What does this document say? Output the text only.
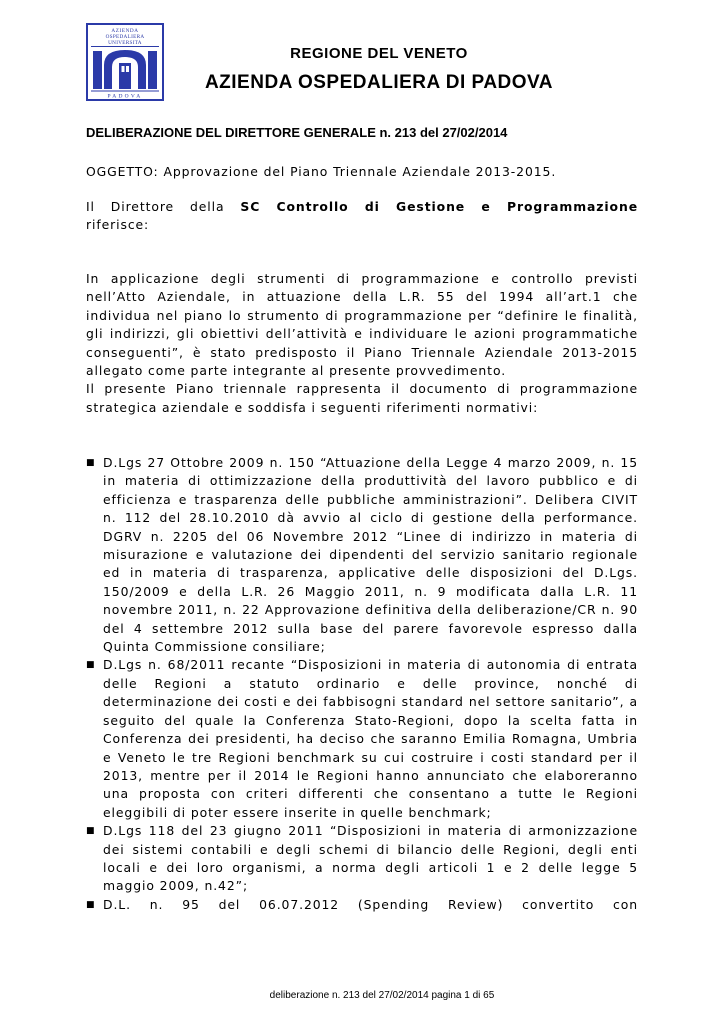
AZIENDA
OSPEDALIERA
UNIVERSITA
PADOVA
REGIONE DEL VENETO
AZIENDA OSPEDALIERA DI PADOVA
DELIBERAZIONE DEL DIRETTORE GENERALE n. 213 del 27/02/2014
OGGETTO: Approvazione del Piano Triennale Aziendale 2013-2015.
Il Direttore della SC Controllo di Gestione e Programmazione
riferisce:
In applicazione degli strumenti di programmazione e controllo previsti nell’Atto Aziendale, in attuazione della L.R. 55 del 1994 all’art.1 che individua nel piano lo strumento di programmazione per “definire le finalità, gli indirizzi, gli obiettivi dell’attività e individuare le azioni programmatiche conseguenti”, è stato predisposto il Piano Triennale Aziendale 2013-2015 allegato come parte integrante al presente provvedimento.
Il presente Piano triennale rappresenta il documento di programmazione strategica aziendale e soddisfa i seguenti riferimenti normativi:
■ D.Lgs 27 Ottobre 2009 n. 150 “Attuazione della Legge 4 marzo 2009, n. 15 in materia di ottimizzazione della produttività del lavoro pubblico e di efficienza e trasparenza delle pubbliche amministrazioni”. Delibera CIVIT n. 112 del 28.10.2010 dà avvio al ciclo di gestione della performance. DGRV n. 2205 del 06 Novembre 2012 “Linee di indirizzo in materia di misurazione e valutazione dei dipendenti del servizio sanitario regionale ed in materia di trasparenza, applicative delle disposizioni del D.Lgs. 150/2009 e della L.R. 26 Maggio 2011, n. 9 modificata dalla L.R. 11 novembre 2011, n. 22 Approvazione definitiva della deliberazione/CR n. 90 del 4 settembre 2012 sulla base del parere favorevole espresso dalla Quinta Commissione consiliare;
■ D.Lgs n. 68/2011 recante “Disposizioni in materia di autonomia di entrata delle Regioni a statuto ordinario e delle province, nonché di determinazione dei costi e dei fabbisogni standard nel settore sanitario”, a seguito del quale la Conferenza Stato-Regioni, dopo la scelta fatta in Conferenza dei presidenti, ha deciso che saranno Emilia Romagna, Umbria e Veneto le tre Regioni benchmark su cui costruire i costi standard per il 2013, mentre per il 2014 le Regioni hanno annunciato che elaboreranno una proposta con criteri differenti che consentano a tutte le Regioni eleggibili di poter essere inserite in quelle benchmark;
■ D.Lgs 118 del 23 giugno 2011 “Disposizioni in materia di armonizzazione dei sistemi contabili e degli schemi di bilancio delle Regioni, degli enti locali e dei loro organismi, a norma degli articoli 1 e 2 delle legge 5 maggio 2009, n.42”;
■ D.L. n. 95 del 06.07.2012 (Spending Review) convertito con
deliberazione n. 213 del 27/02/2014 pagina 1 di 65
